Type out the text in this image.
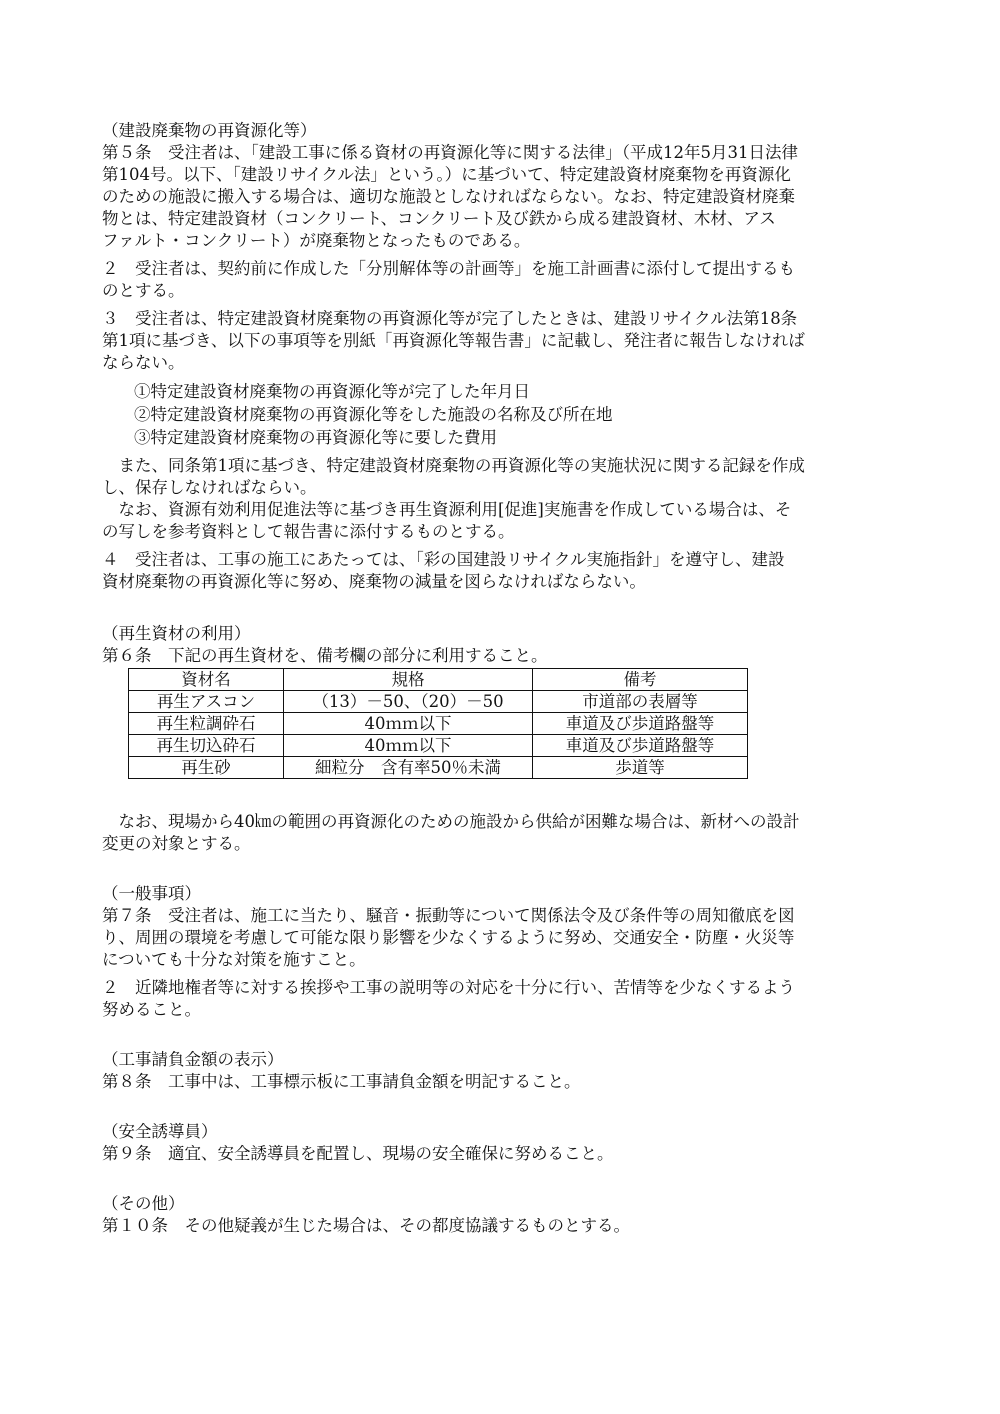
（建設廃棄物の再資源化等）

第５条　受注者は、「建設工事に係る資材の再資源化等に関する法律」（平成12年5月31日法律

第104号。以下、「建設リサイクル法」という。）に基づいて、特定建設資材廃棄物を再資源化

のための施設に搬入する場合は、適切な施設としなければならない。なお、特定建設資材廃棄

物とは、特定建設資材（コンクリート、コンクリート及び鉄から成る建設資材、木材、アス

ファルト・コンクリート）が廃棄物となったものである。

２　受注者は、契約前に作成した「分別解体等の計画等」を施工計画書に添付して提出するも

のとする。

３　受注者は、特定建設資材廃棄物の再資源化等が完了したときは、建設リサイクル法第18条

第1項に基づき、以下の事項等を別紙「再資源化等報告書」に記載し、発注者に報告しなければ

ならない。

①特定建設資材廃棄物の再資源化等が完了した年月日

②特定建設資材廃棄物の再資源化等をした施設の名称及び所在地

③特定建設資材廃棄物の再資源化等に要した費用

また、同条第1項に基づき、特定建設資材廃棄物の再資源化等の実施状況に関する記録を作成

し、保存しなければならい。

なお、資源有効利用促進法等に基づき再生資源利用[促進]実施書を作成している場合は、そ

の写しを参考資料として報告書に添付するものとする。

４　受注者は、工事の施工にあたっては、「彩の国建設リサイクル実施指針」を遵守し、建設

資材廃棄物の再資源化等に努め、廃棄物の減量を図らなければならない。

（再生資材の利用）

第６条　下記の再生資材を、備考欄の部分に利用すること。

資材名	規格	備考
再生アスコン	（13）－50、（20）－50	市道部の表層等
再生粒調砕石	40ｍｍ以下	車道及び歩道路盤等
再生切込砕石	40ｍｍ以下	車道及び歩道路盤等
再生砂	細粒分　含有率50％未満	歩道等

なお、現場から40㎞の範囲の再資源化のための施設から供給が困難な場合は、新材への設計

変更の対象とする。

（一般事項）

第７条　受注者は、施工に当たり、騒音・振動等について関係法令及び条件等の周知徹底を図

り、周囲の環境を考慮して可能な限り影響を少なくするように努め、交通安全・防塵・火災等

についても十分な対策を施すこと。

２　近隣地権者等に対する挨拶や工事の説明等の対応を十分に行い、苦情等を少なくするよう

努めること。

（工事請負金額の表示）

第８条　工事中は、工事標示板に工事請負金額を明記すること。

（安全誘導員）

第９条　適宜、安全誘導員を配置し、現場の安全確保に努めること。

（その他）

第１０条　その他疑義が生じた場合は、その都度協議するものとする。
